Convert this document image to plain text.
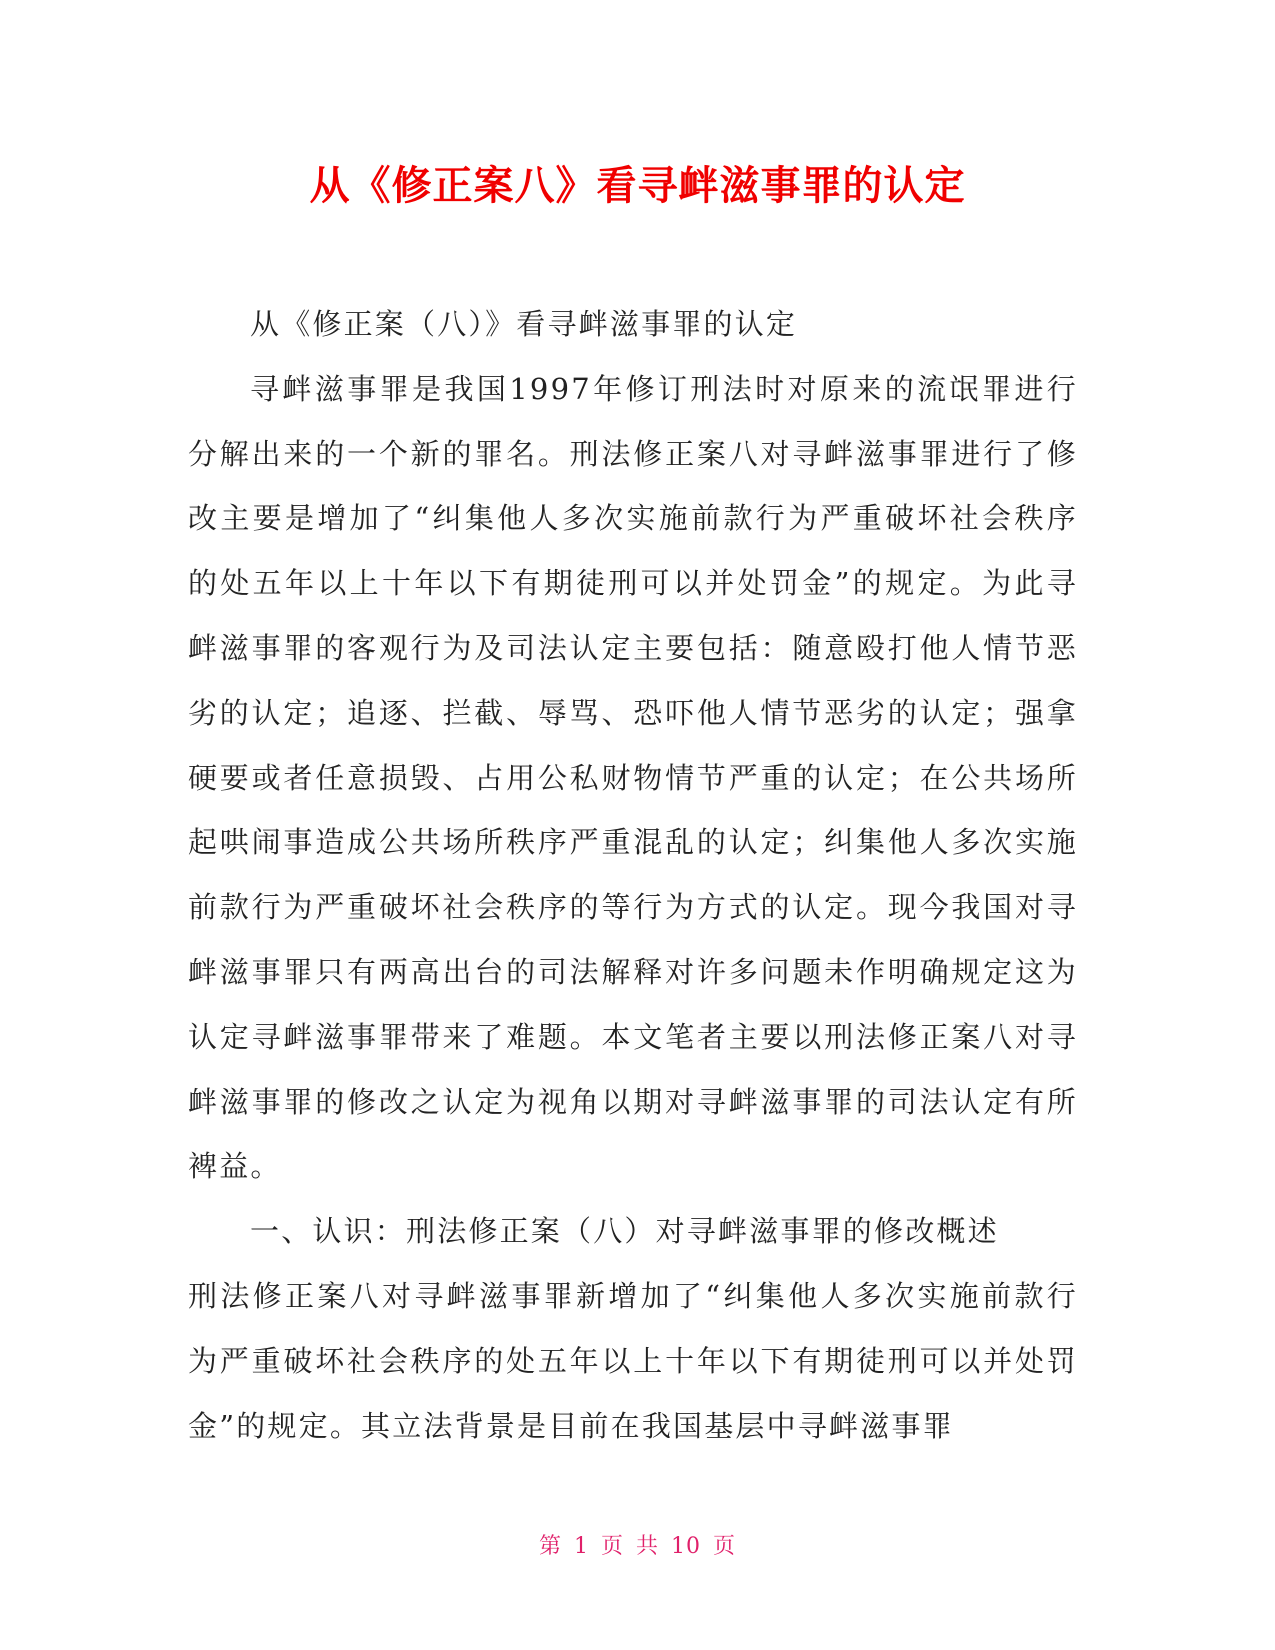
从《修正案八》看寻衅滋事罪的认定

从《修正案（八）》看寻衅滋事罪的认定

寻衅滋事罪是我国1997年修订刑法时对原来的流氓罪进行分解出来的一个新的罪名。刑法修正案八对寻衅滋事罪进行了修改主要是增加了“纠集他人多次实施前款行为严重破坏社会秩序的处五年以上十年以下有期徒刑可以并处罚金”的规定。为此寻衅滋事罪的客观行为及司法认定主要包括：随意殴打他人情节恶劣的认定；追逐、拦截、辱骂、恐吓他人情节恶劣的认定；强拿硬要或者任意损毁、占用公私财物情节严重的认定；在公共场所起哄闹事造成公共场所秩序严重混乱的认定；纠集他人多次实施前款行为严重破坏社会秩序的等行为方式的认定。现今我国对寻衅滋事罪只有两高出台的司法解释对许多问题未作明确规定这为认定寻衅滋事罪带来了难题。本文笔者主要以刑法修正案八对寻衅滋事罪的修改之认定为视角以期对寻衅滋事罪的司法认定有所裨益。

一、认识：刑法修正案（八）对寻衅滋事罪的修改概述

刑法修正案八对寻衅滋事罪新增加了“纠集他人多次实施前款行为严重破坏社会秩序的处五年以上十年以下有期徒刑可以并处罚金”的规定。其立法背景是目前在我国基层中寻衅滋事罪

第 1 页 共 10 页
